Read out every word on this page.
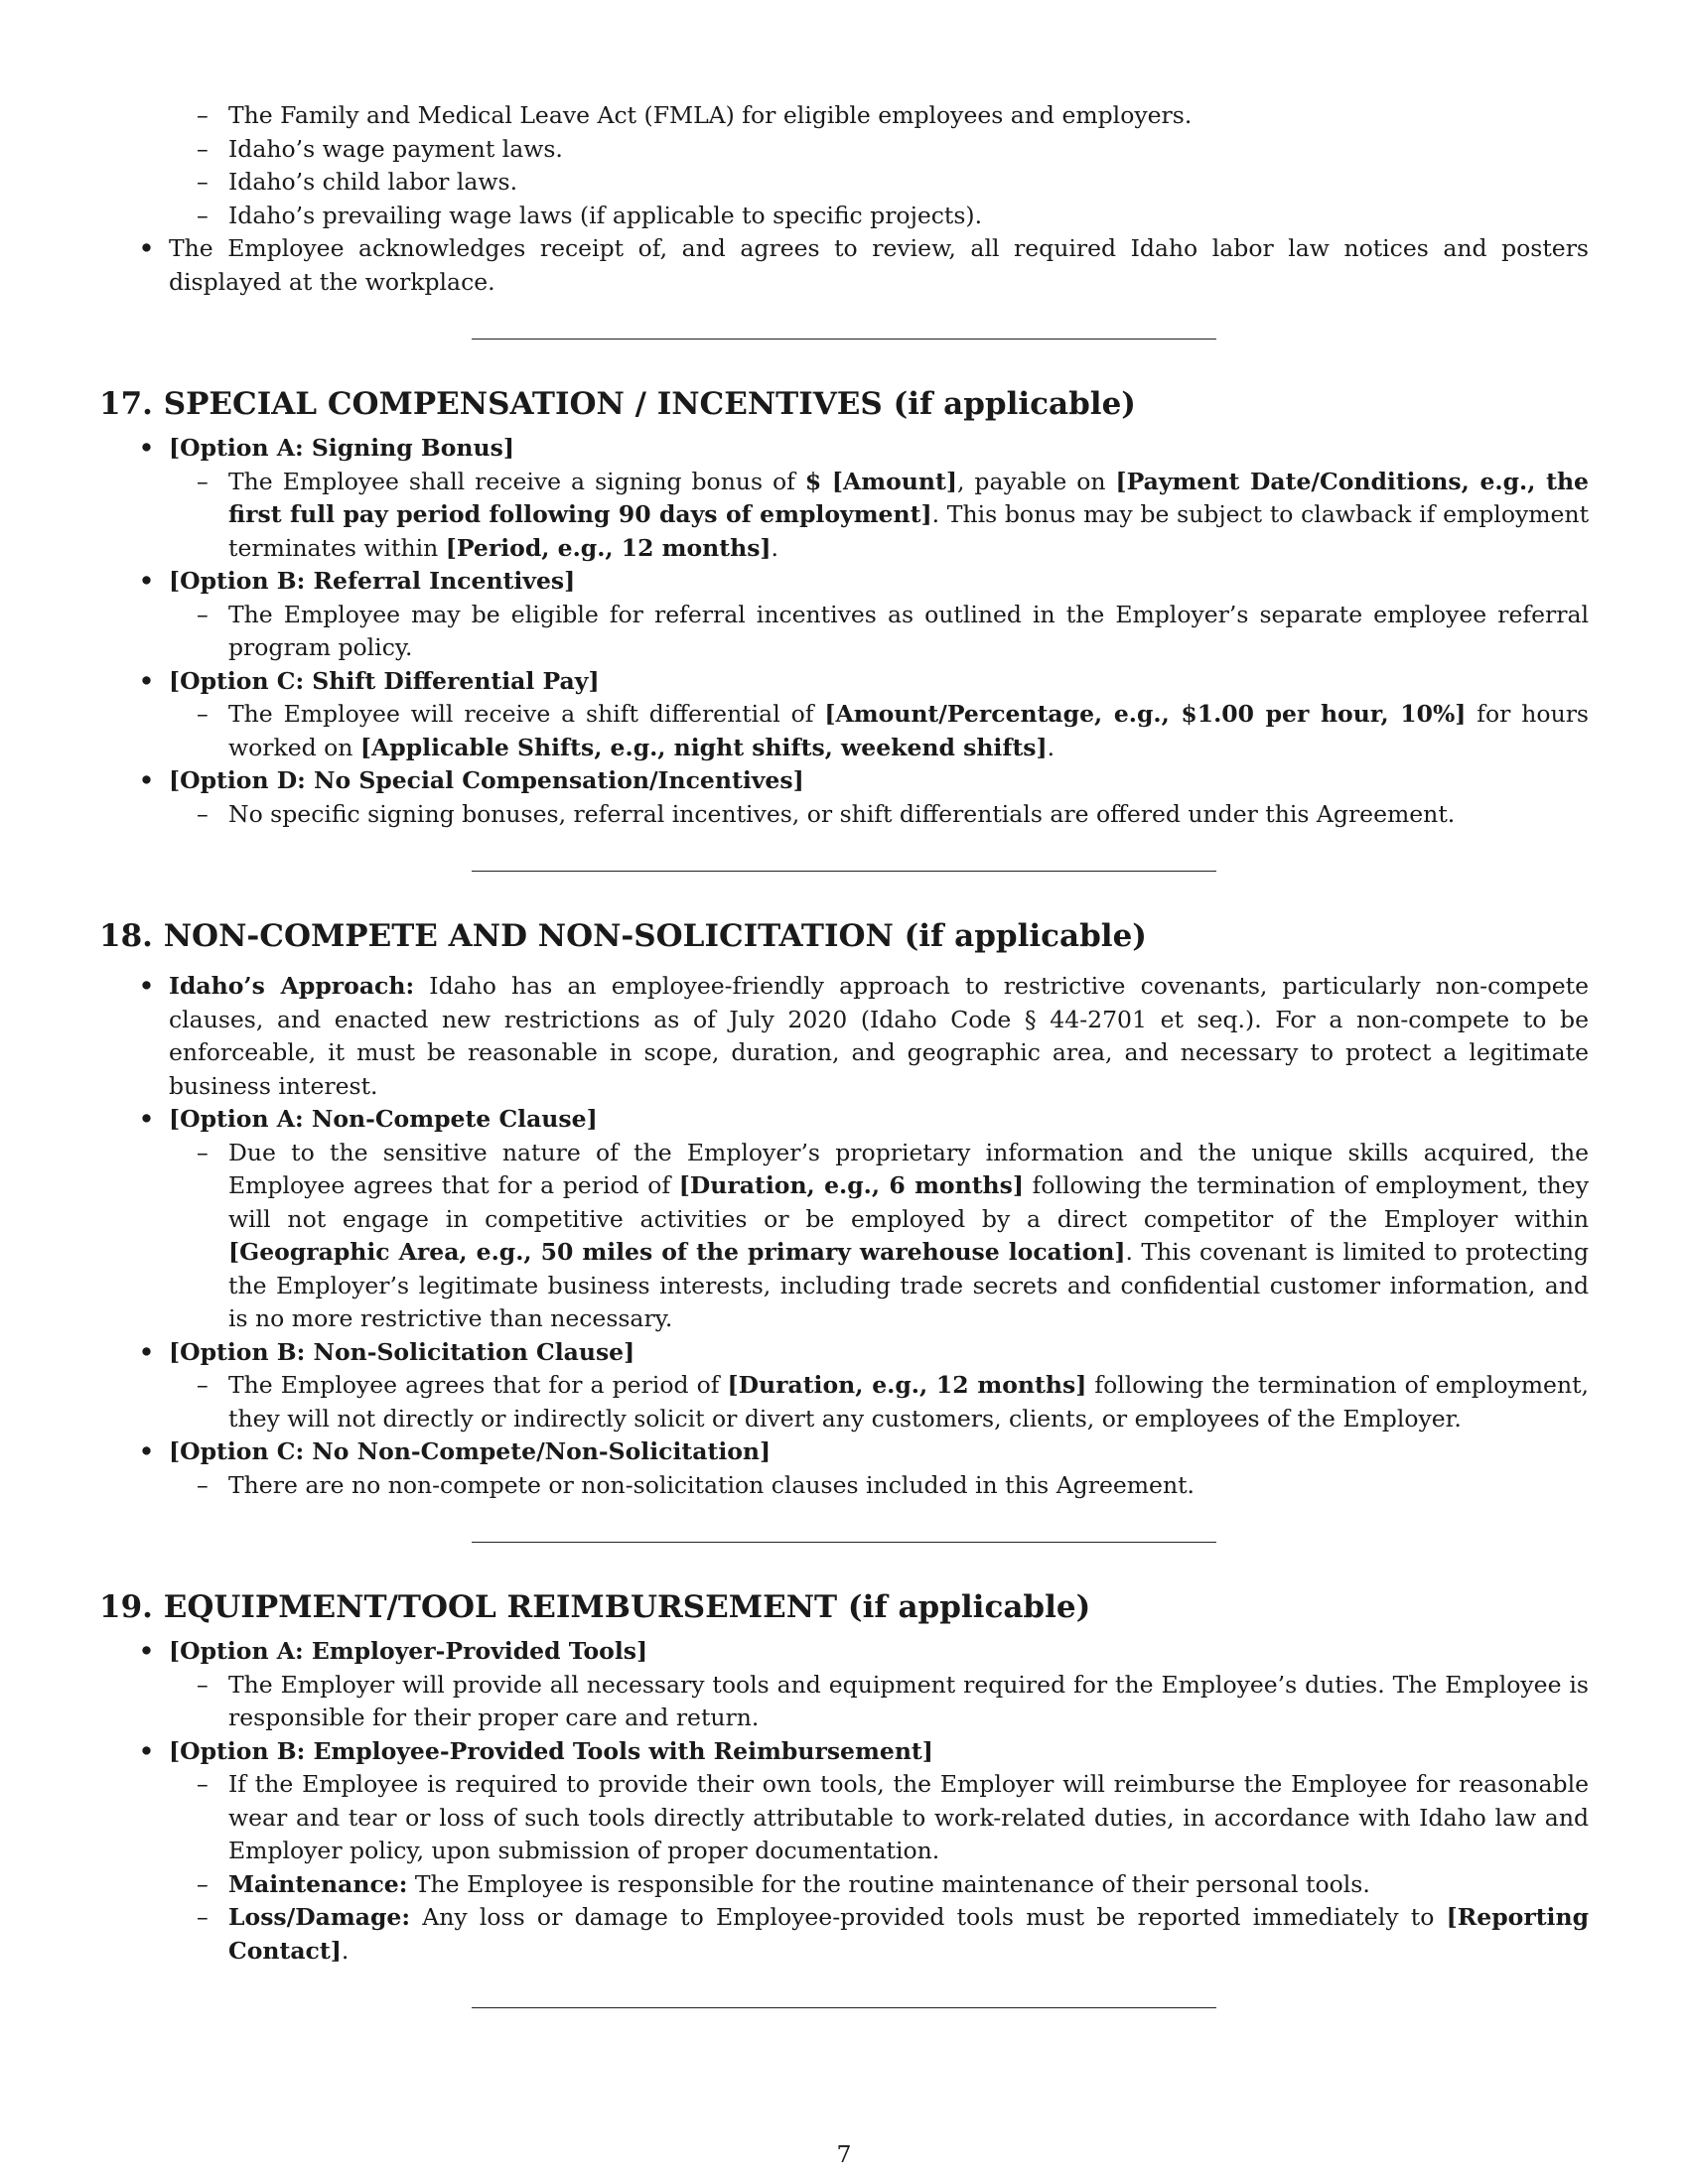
– The Family and Medical Leave Act (FMLA) for eligible employees and employers.

– Idaho’s wage payment laws.

– Idaho’s child labor laws.

– Idaho’s prevailing wage laws (if applicable to specific projects).

• The Employee acknowledges receipt of, and agrees to review, all required Idaho labor law notices and posters displayed at the workplace.

17. SPECIAL COMPENSATION / INCENTIVES (if applicable)

• [Option A: Signing Bonus]

– The Employee shall receive a signing bonus of $ [Amount], payable on [Payment Date/Conditions, e.g., the first full pay period following 90 days of employment]. This bonus may be subject to clawback if employment terminates within [Period, e.g., 12 months].

• [Option B: Referral Incentives]

– The Employee may be eligible for referral incentives as outlined in the Employer’s separate employee referral program policy.

• [Option C: Shift Differential Pay]

– The Employee will receive a shift differential of [Amount/Percentage, e.g., $1.00 per hour, 10%] for hours worked on [Applicable Shifts, e.g., night shifts, weekend shifts].

• [Option D: No Special Compensation/Incentives]

– No specific signing bonuses, referral incentives, or shift differentials are offered under this Agreement.

18. NON-COMPETE AND NON-SOLICITATION (if applicable)

• Idaho’s Approach: Idaho has an employee-friendly approach to restrictive covenants, particularly non-compete clauses, and enacted new restrictions as of July 2020 (Idaho Code § 44-2701 et seq.). For a non-compete to be enforceable, it must be reasonable in scope, duration, and geographic area, and necessary to protect a legitimate business interest.

• [Option A: Non-Compete Clause]

– Due to the sensitive nature of the Employer’s proprietary information and the unique skills acquired, the Employee agrees that for a period of [Duration, e.g., 6 months] following the termination of employment, they will not engage in competitive activities or be employed by a direct competitor of the Employer within [Geographic Area, e.g., 50 miles of the primary warehouse location]. This covenant is limited to protecting the Employer’s legitimate business interests, including trade secrets and confidential customer information, and is no more restrictive than necessary.

• [Option B: Non-Solicitation Clause]

– The Employee agrees that for a period of [Duration, e.g., 12 months] following the termination of employment, they will not directly or indirectly solicit or divert any customers, clients, or employees of the Employer.

• [Option C: No Non-Compete/Non-Solicitation]

– There are no non-compete or non-solicitation clauses included in this Agreement.

19. EQUIPMENT/TOOL REIMBURSEMENT (if applicable)

• [Option A: Employer-Provided Tools]

– The Employer will provide all necessary tools and equipment required for the Employee’s duties. The Employee is responsible for their proper care and return.

• [Option B: Employee-Provided Tools with Reimbursement]

– If the Employee is required to provide their own tools, the Employer will reimburse the Employee for reasonable wear and tear or loss of such tools directly attributable to work-related duties, in accordance with Idaho law and Employer policy, upon submission of proper documentation.

– Maintenance: The Employee is responsible for the routine maintenance of their personal tools.

– Loss/Damage: Any loss or damage to Employee-provided tools must be reported immediately to [Reporting Contact].

7
